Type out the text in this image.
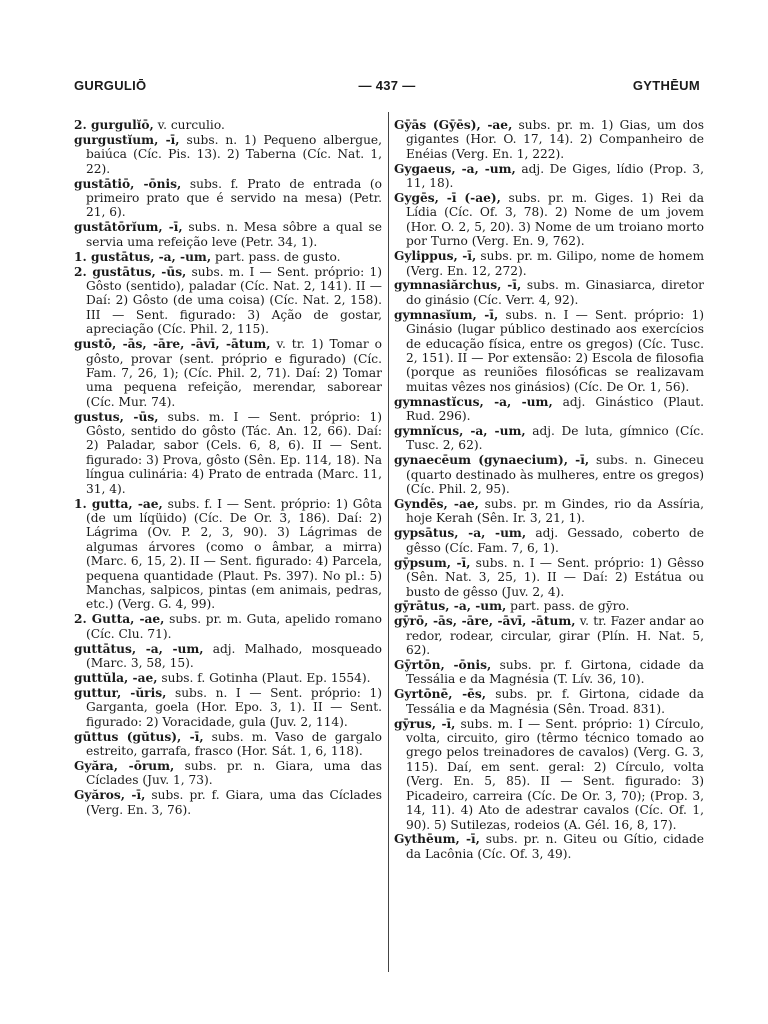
GURGULIŌ	— 437 —	GYTHĒUM

2. gurgulĭō, v. curculio.

gurgustĭum, -ī, subs. n. 1) Pequeno albergue, baiúca (Cíc. Pis. 13). 2) Taberna (Cíc. Nat. 1, 22).

gustātiō, -ōnis, subs. f. Prato de entrada (o primeiro prato que é servido na mesa) (Petr. 21, 6).

gustātōrĭum, -ī, subs. n. Mesa sôbre a qual se servia uma refeição leve (Petr. 34, 1).

1. gustātus, -a, -um, part. pass. de gusto.

2. gustātus, -ūs, subs. m. I — Sent. próprio: 1) Gôsto (sentido), paladar (Cíc. Nat. 2, 141). II — Daí: 2) Gôsto (de uma coisa) (Cíc. Nat. 2, 158). III — Sent. figurado: 3) Ação de gostar, apreciação (Cíc. Phil. 2, 115).

gustō, -ās, -āre, -āvī, -ātum, v. tr. 1) Tomar o gôsto, provar (sent. próprio e figurado) (Cíc. Fam. 7, 26, 1); (Cíc. Phil. 2, 71). Daí: 2) Tomar uma pequena refeição, merendar, saborear (Cíc. Mur. 74).

gustus, -ūs, subs. m. I — Sent. próprio: 1) Gôsto, sentido do gôsto (Tác. An. 12, 66). Daí: 2) Paladar, sabor (Cels. 6, 8, 6). II — Sent. figurado: 3) Prova, gôsto (Sên. Ep. 114, 18). Na língua culinária: 4) Prato de entrada (Marc. 11, 31, 4).

1. gutta, -ae, subs. f. I — Sent. próprio: 1) Gôta (de um líqüido) (Cíc. De Or. 3, 186). Daí: 2) Lágrima (Ov. P. 2, 3, 90). 3) Lágrimas de algumas árvores (como o âmbar, a mirra) (Marc. 6, 15, 2). II — Sent. figurado: 4) Parcela, pequena quantidade (Plaut. Ps. 397). No pl.: 5) Manchas, salpicos, pintas (em animais, pedras, etc.) (Verg. G. 4, 99).

2. Gutta, -ae, subs. pr. m. Guta, apelido romano (Cíc. Clu. 71).

guttātus, -a, -um, adj. Malhado, mosqueado (Marc. 3, 58, 15).

guttŭla, -ae, subs. f. Gotinha (Plaut. Ep. 1554).

guttur, -ŭris, subs. n. I — Sent. próprio: 1) Garganta, goela (Hor. Epo. 3, 1). II — Sent. figurado: 2) Voracidade, gula (Juv. 2, 114).

gūttus (gŭtus), -ī, subs. m. Vaso de gargalo estreito, garrafa, frasco (Hor. Sát. 1, 6, 118).

Gyăra, -ōrum, subs. pr. n. Giara, uma das Cíclades (Juv. 1, 73).

Gyăros, -ī, subs. pr. f. Giara, uma das Cíclades (Verg. En. 3, 76).

Gȳās (Gȳēs), -ae, subs. pr. m. 1) Gias, um dos gigantes (Hor. O. 17, 14). 2) Companheiro de Enéias (Verg. En. 1, 222).

Gygaeus, -a, -um, adj. De Giges, lídio (Prop. 3, 11, 18).

Gygēs, -ī (-ae), subs. pr. m. Giges. 1) Rei da Lídia (Cíc. Of. 3, 78). 2) Nome de um jovem (Hor. O. 2, 5, 20). 3) Nome de um troiano morto por Turno (Verg. En. 9, 762).

Gylippus, -ī, subs. pr. m. Gilipo, nome de homem (Verg. En. 12, 272).

gymnasiărchus, -ī, subs. m. Ginasiarca, diretor do ginásio (Cíc. Verr. 4, 92).

gymnasĭum, -ī, subs. n. I — Sent. próprio: 1) Ginásio (lugar público destinado aos exercícios de educação física, entre os gregos) (Cíc. Tusc. 2, 151). II — Por extensão: 2) Escola de filosofia (porque as reuniões filosóficas se realizavam muitas vêzes nos ginásios) (Cíc. De Or. 1, 56).

gymnastĭcus, -a, -um, adj. Ginástico (Plaut. Rud. 296).

gymnĭcus, -a, -um, adj. De luta, gímnico (Cíc. Tusc. 2, 62).

gynaecēum (gynaecium), -ī, subs. n. Gineceu (quarto destinado às mulheres, entre os gregos) (Cíc. Phil. 2, 95).

Gyndēs, -ae, subs. pr. m Gindes, rio da Assíria, hoje Kerah (Sên. Ir. 3, 21, 1).

gypsātus, -a, -um, adj. Gessado, coberto de gêsso (Cíc. Fam. 7, 6, 1).

gȳpsum, -ī, subs. n. I — Sent. próprio: 1) Gêsso (Sên. Nat. 3, 25, 1). II — Daí: 2) Estátua ou busto de gêsso (Juv. 2, 4).

gȳrātus, -a, -um, part. pass. de gȳro.

gȳrō, -ās, -āre, -āvī, -ātum, v. tr. Fazer andar ao redor, rodear, circular, girar (Plín. H. Nat. 5, 62).

Gȳrtōn, -ōnis, subs. pr. f. Girtona, cidade da Tessália e da Magnésia (T. Lív. 36, 10).

Gyrtōnē, -ēs, subs. pr. f. Girtona, cidade da Tessália e da Magnésia (Sên. Troad. 831).

gȳrus, -ī, subs. m. I — Sent. próprio: 1) Círculo, volta, circuito, giro (têrmo técnico tomado ao grego pelos treinadores de cavalos) (Verg. G. 3, 115). Daí, em sent. geral: 2) Círculo, volta (Verg. En. 5, 85). II — Sent. figurado: 3) Picadeiro, carreira (Cíc. De Or. 3, 70); (Prop. 3, 14, 11). 4) Ato de adestrar cavalos (Cíc. Of. 1, 90). 5) Sutilezas, rodeios (A. Gél. 16, 8, 17).

Gythēum, -ī, subs. pr. n. Giteu ou Gítio, cidade da Lacônia (Cíc. Of. 3, 49).
